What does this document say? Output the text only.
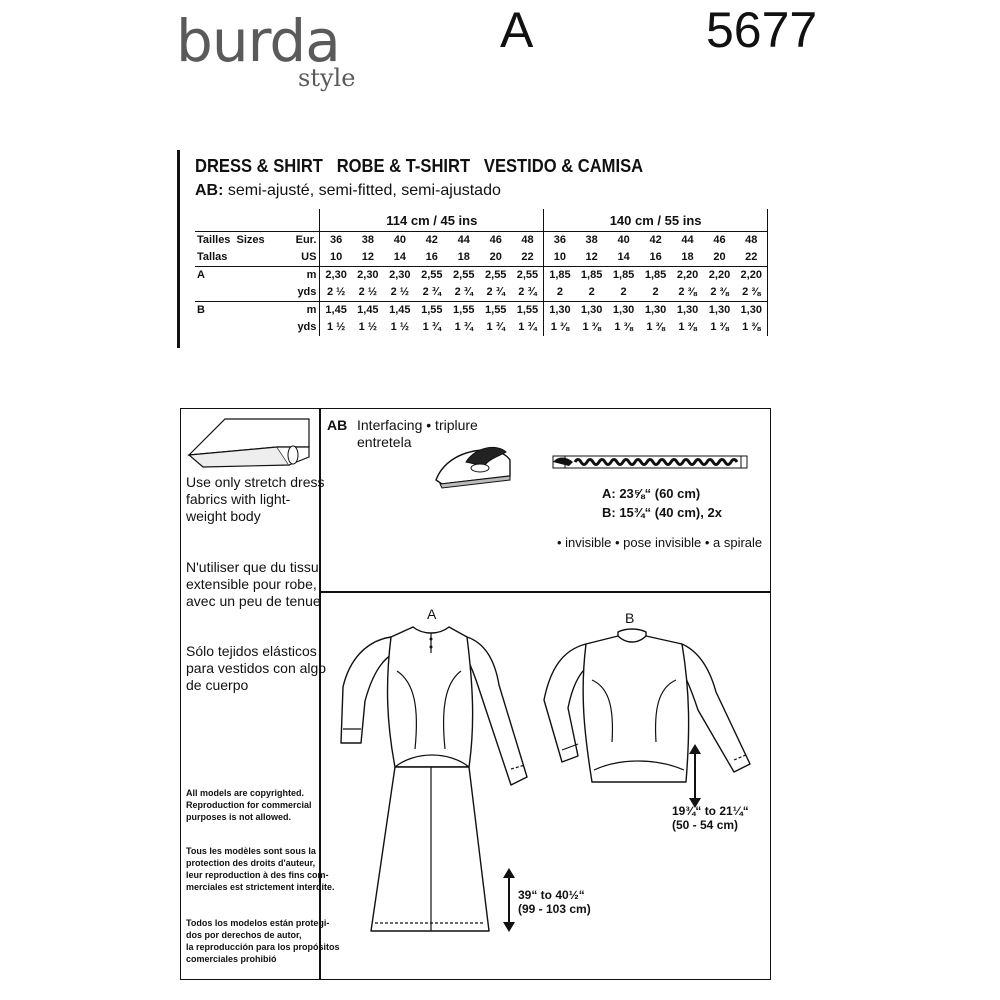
burda
style
A	5677
DRESS & SHIRT   ROBE & T-SHIRT   VESTIDO & CAMISA
AB: semi-ajusté, semi-fitted, semi-ajustado
		114 cm / 45 ins							140 cm / 55 ins						
Tailles  Sizes	Eur.	36	38	40	42	44	46	48	36	38	40	42	44	46	48
Tallas	US	10	12	14	16	18	20	22	10	12	14	16	18	20	22
A	m	2,30	2,30	2,30	2,55	2,55	2,55	2,55	1,85	1,85	1,85	1,85	2,20	2,20	2,20
	yds	2 ½	2 ½	2 ½	2 ¾	2 ¾	2 ¾	2 ¾	2	2	2	2	2 ⅜	2 ⅜	2 ⅜
B	m	1,45	1,45	1,45	1,55	1,55	1,55	1,55	1,30	1,30	1,30	1,30	1,30	1,30	1,30
	yds	1 ½	1 ½	1 ½	1 ¾	1 ¾	1 ¾	1 ¾	1 ⅜	1 ⅜	1 ⅜	1 ⅜	1 ⅜	1 ⅜	1 ⅜
Use only stretch dress
fabrics with light-
weight body
N'utiliser que du tissu
extensible pour robe,
avec un peu de tenue
Sólo tejidos elásticos
para vestidos con algo
de cuerpo
All models are copyrighted.
Reproduction for commercial
purposes is not allowed.
Tous les modèles sont sous la
protection des droits d'auteur,
leur reproduction à des fins com-
merciales est strictement interdite.
Todos los modelos están protegi-
dos por derechos de autor,
la reproducción para los propósitos
comerciales prohibió
AB Interfacing • triplure
entretela
A: 23⅝“ (60 cm)
B: 15¾“ (40 cm), 2x
• invisible • pose invisible • a spirale
A	B
39“ to 40½“
(99 - 103 cm)
19¾“ to 21¼“
(50 - 54 cm)
